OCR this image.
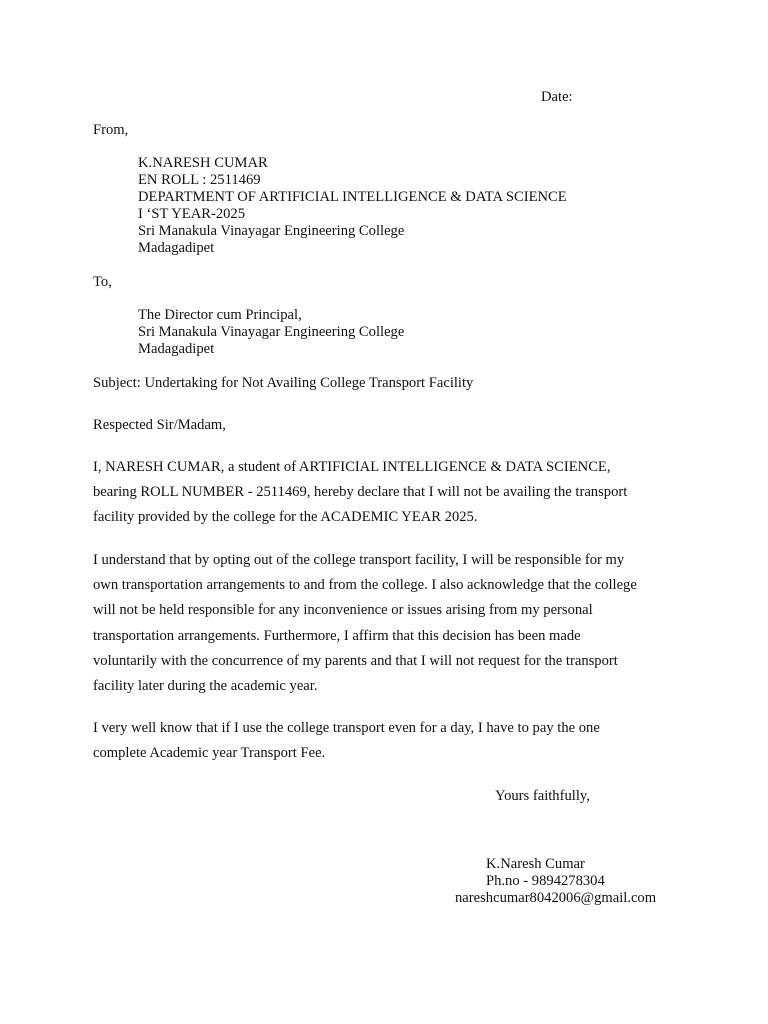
Date:
From,
K.NARESH CUMAR
EN ROLL : 2511469
DEPARTMENT OF ARTIFICIAL INTELLIGENCE & DATA SCIENCE
I ‘ST YEAR-2025
Sri Manakula Vinayagar Engineering College
Madagadipet
To,
The Director cum Principal,
Sri Manakula Vinayagar Engineering College
Madagadipet
Subject: Undertaking for Not Availing College Transport Facility
Respected Sir/Madam,
I, NARESH CUMAR, a student of ARTIFICIAL INTELLIGENCE & DATA SCIENCE,
bearing ROLL NUMBER - 2511469, hereby declare that I will not be availing the transport
facility provided by the college for the ACADEMIC YEAR 2025.
I understand that by opting out of the college transport facility, I will be responsible for my
own transportation arrangements to and from the college. I also acknowledge that the college
will not be held responsible for any inconvenience or issues arising from my personal
transportation arrangements. Furthermore, I affirm that this decision has been made
voluntarily with the concurrence of my parents and that I will not request for the transport
facility later during the academic year.
I very well know that if I use the college transport even for a day, I have to pay the one
complete Academic year Transport Fee.
Yours faithfully,
K.Naresh Cumar
Ph.no - 9894278304
nareshcumar8042006@gmail.com
